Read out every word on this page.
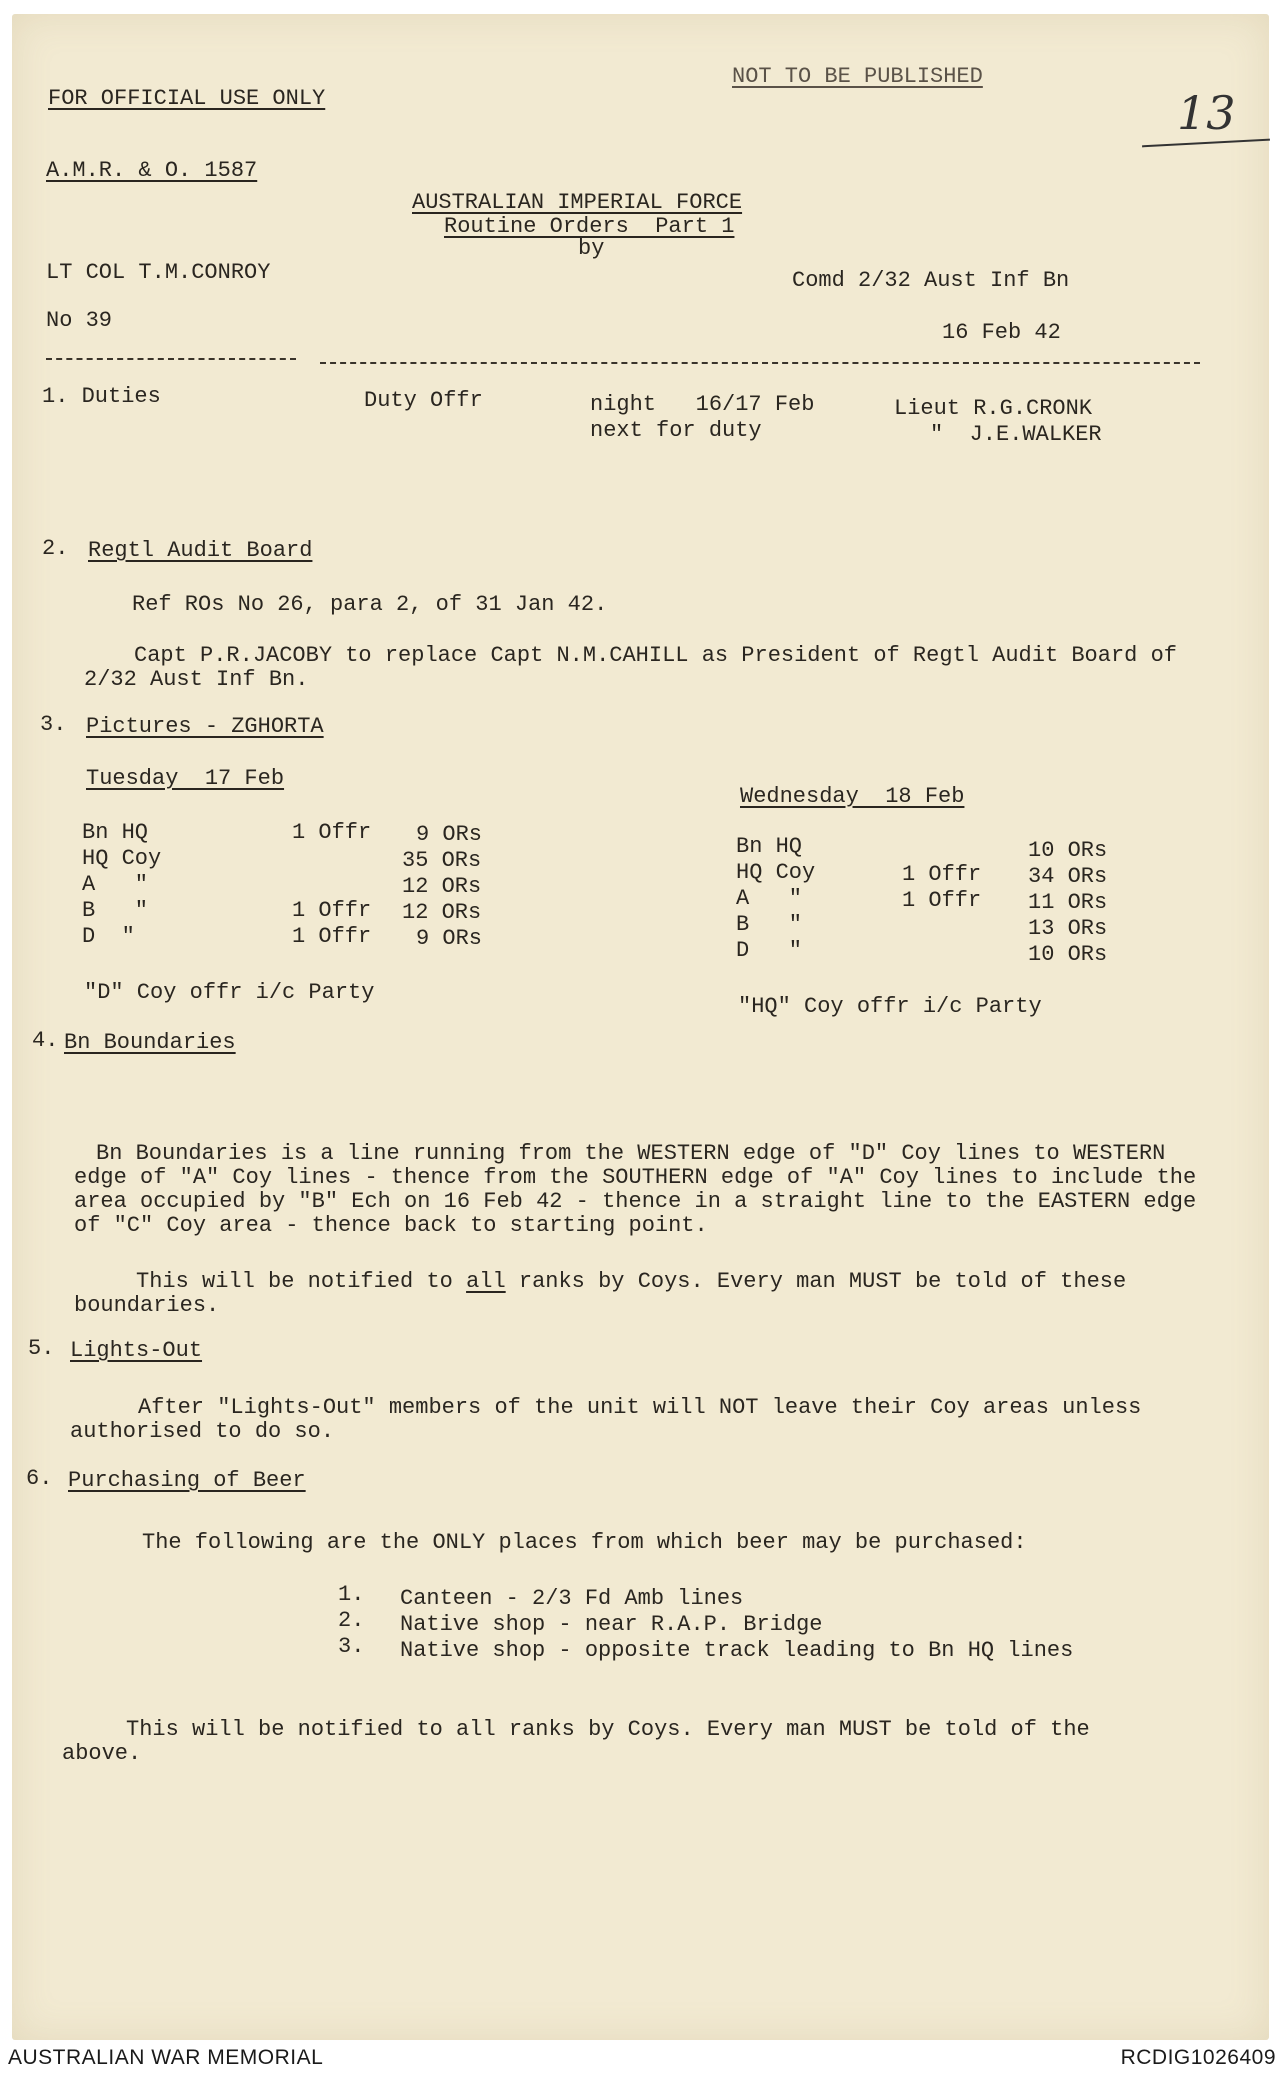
FOR OFFICIAL USE ONLY
NOT TO BE PUBLISHED
13
A.M.R. & O. 1587
AUSTRALIAN IMPERIAL FORCE
Routine Orders  Part 1
by
LT COL T.M.CONROY	Comd 2/32 Aust Inf Bn
No 39	16 Feb 42
1. Duties	Duty Offr	night   16/17 Feb	Lieut R.G.CRONK
next for duty	"  J.E.WALKER
2. Regtl Audit Board
Ref ROs No 26, para 2, of 31 Jan 42.
Capt P.R.JACOBY to replace Capt N.M.CAHILL as President of Regtl Audit Board of 2/32 Aust Inf Bn.
3. Pictures - ZGHORTA
Tuesday  17 Feb
Bn HQ	1 Offr 9 ORs
HQ Coy	35 ORs
A   "	12 ORs
B   "	1 Offr 12 ORs
D  "	1 Offr 9 ORs
"D" Coy offr i/c Party
Wednesday  18 Feb
Bn HQ	10 ORs
HQ Coy	1 Offr 34 ORs
A   "	1 Offr 11 ORs
B   "	13 ORs
D   "	10 ORs
"HQ" Coy offr i/c Party
4. Bn Boundaries
Bn Boundaries is a line running from the WESTERN edge of "D" Coy lines to WESTERN edge of "A" Coy lines - thence from the SOUTHERN edge of "A" Coy lines to include the area occupied by "B" Ech on 16 Feb 42 - thence in a straight line to the EASTERN edge of "C" Coy area - thence back to starting point.
This will be notified to all ranks by Coys. Every man MUST be told of these boundaries.
5. Lights-Out
After "Lights-Out" members of the unit will NOT leave their Coy areas unless authorised to do so.
6. Purchasing of Beer
The following are the ONLY places from which beer may be purchased:
1. Canteen - 2/3 Fd Amb lines
2. Native shop - near R.A.P. Bridge
3. Native shop - opposite track leading to Bn HQ lines
This will be notified to all ranks by Coys. Every man MUST be told of the above.
AUSTRALIAN WAR MEMORIAL	RCDIG1026409
